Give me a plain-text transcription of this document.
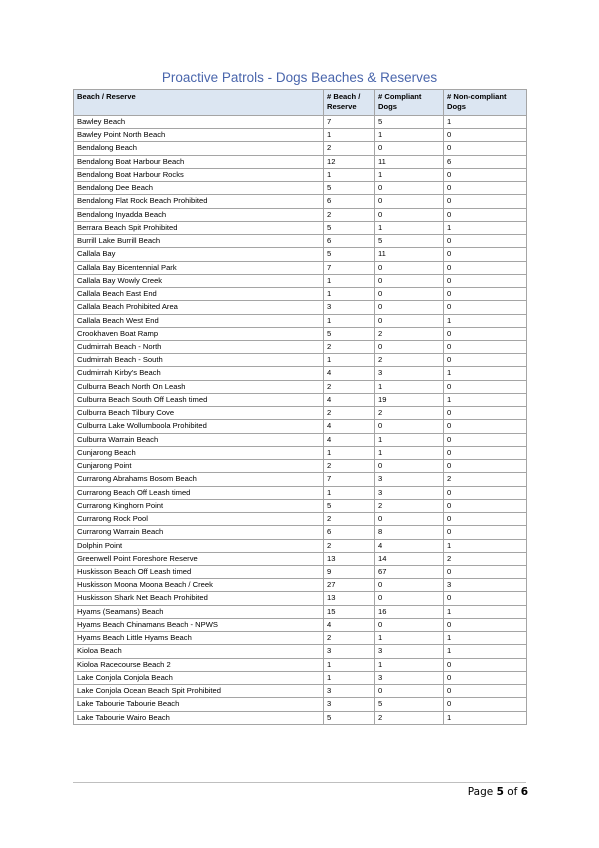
Proactive Patrols - Dogs Beaches & Reserves
Beach / Reserve	# Beach / Reserve	# Compliant Dogs	# Non-compliant Dogs
Bawley Beach	7	5	1
Bawley Point North Beach	1	1	0
Bendalong Beach	2	0	0
Bendalong Boat Harbour Beach	12	11	6
Bendalong Boat Harbour Rocks	1	1	0
Bendalong Dee Beach	5	0	0
Bendalong Flat Rock Beach Prohibited	6	0	0
Bendalong Inyadda Beach	2	0	0
Berrara Beach Spit Prohibited	5	1	1
Burrill Lake Burrill Beach	6	5	0
Callala Bay	5	11	0
Callala Bay Bicentennial Park	7	0	0
Callala Bay Wowly Creek	1	0	0
Callala Beach East End	1	0	0
Callala Beach Prohibited Area	3	0	0
Callala Beach West End	1	0	1
Crookhaven Boat Ramp	5	2	0
Cudmirrah Beach - North	2	0	0
Cudmirrah Beach - South	1	2	0
Cudmirrah Kirby's Beach	4	3	1
Culburra Beach North On Leash	2	1	0
Culburra Beach South Off Leash timed	4	19	1
Culburra Beach Tilbury Cove	2	2	0
Culburra Lake Wollumboola Prohibited	4	0	0
Culburra Warrain Beach	4	1	0
Cunjarong Beach	1	1	0
Cunjarong Point	2	0	0
Currarong Abrahams Bosom Beach	7	3	2
Currarong Beach Off Leash timed	1	3	0
Currarong Kinghorn Point	5	2	0
Currarong Rock Pool	2	0	0
Currarong Warrain Beach	6	8	0
Dolphin Point	2	4	1
Greenwell Point Foreshore Reserve	13	14	2
Huskisson Beach Off Leash timed	9	67	0
Huskisson Moona Moona Beach / Creek	27	0	3
Huskisson Shark Net Beach Prohibited	13	0	0
Hyams (Seamans) Beach	15	16	1
Hyams Beach Chinamans Beach - NPWS	4	0	0
Hyams Beach Little Hyams Beach	2	1	1
Kioloa Beach	3	3	1
Kioloa Racecourse Beach 2	1	1	0
Lake Conjola Conjola Beach	1	3	0
Lake Conjola Ocean Beach Spit Prohibited	3	0	0
Lake Tabourie Tabourie Beach	3	5	0
Lake Tabourie Wairo Beach	5	2	1
Page 5 of 6
